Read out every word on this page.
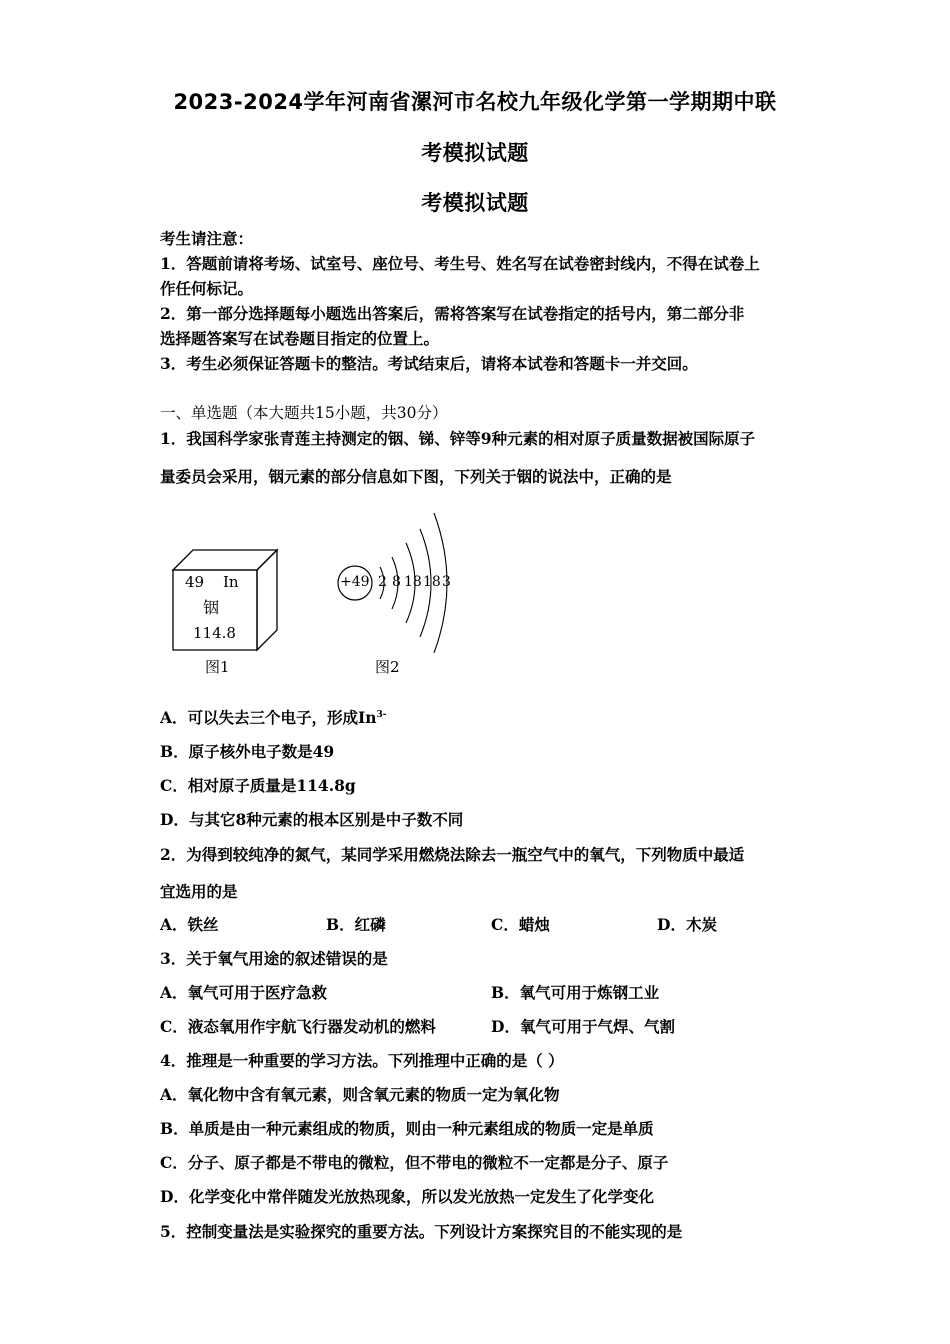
2023-2024学年河南省漯河市名校九年级化学第一学期期中联
考模拟试题
考模拟试题
考生请注意：
1．答题前请将考场、试室号、座位号、考生号、姓名写在试卷密封线内，不得在试卷上
作任何标记。
2．第一部分选择题每小题选出答案后，需将答案写在试卷指定的括号内，第二部分非
选择题答案写在试卷题目指定的位置上。
3．考生必须保证答题卡的整洁。考试结束后，请将本试卷和答题卡一并交回。
一、单选题（本大题共15小题，共30分）
1．我国科学家张青莲主持测定的铟、锑、锌等9种元素的相对原子质量数据被国际原子
量委员会采用，铟元素的部分信息如下图，下列关于铟的说法中，正确的是
49 In
铟
114.8
图1
+49 2 8 18 18 3
图2
A．可以失去三个电子，形成$In^{3-}$
B．原子核外电子数是49
C．相对原子质量是114.8g
D．与其它8种元素的根本区别是中子数不同
2．为得到较纯净的氮气，某同学采用燃烧法除去一瓶空气中的氧气，下列物质中最适
宜选用的是
A．铁丝	B．红磷	C．蜡烛	D．木炭
3．关于氧气用途的叙述错误的是
A．氧气可用于医疗急救	B．氧气可用于炼钢工业
C．液态氧用作宇航飞行器发动机的燃料	D．氧气可用于气焊、气割
4．推理是一种重要的学习方法。下列推理中正确的是（ ）
A．氧化物中含有氧元素，则含氧元素的物质一定为氧化物
B．单质是由一种元素组成的物质，则由一种元素组成的物质一定是单质
C．分子、原子都是不带电的微粒，但不带电的微粒不一定都是分子、原子
D．化学变化中常伴随发光放热现象，所以发光放热一定发生了化学变化
5．控制变量法是实验探究的重要方法。下列设计方案探究目的不能实现的是
